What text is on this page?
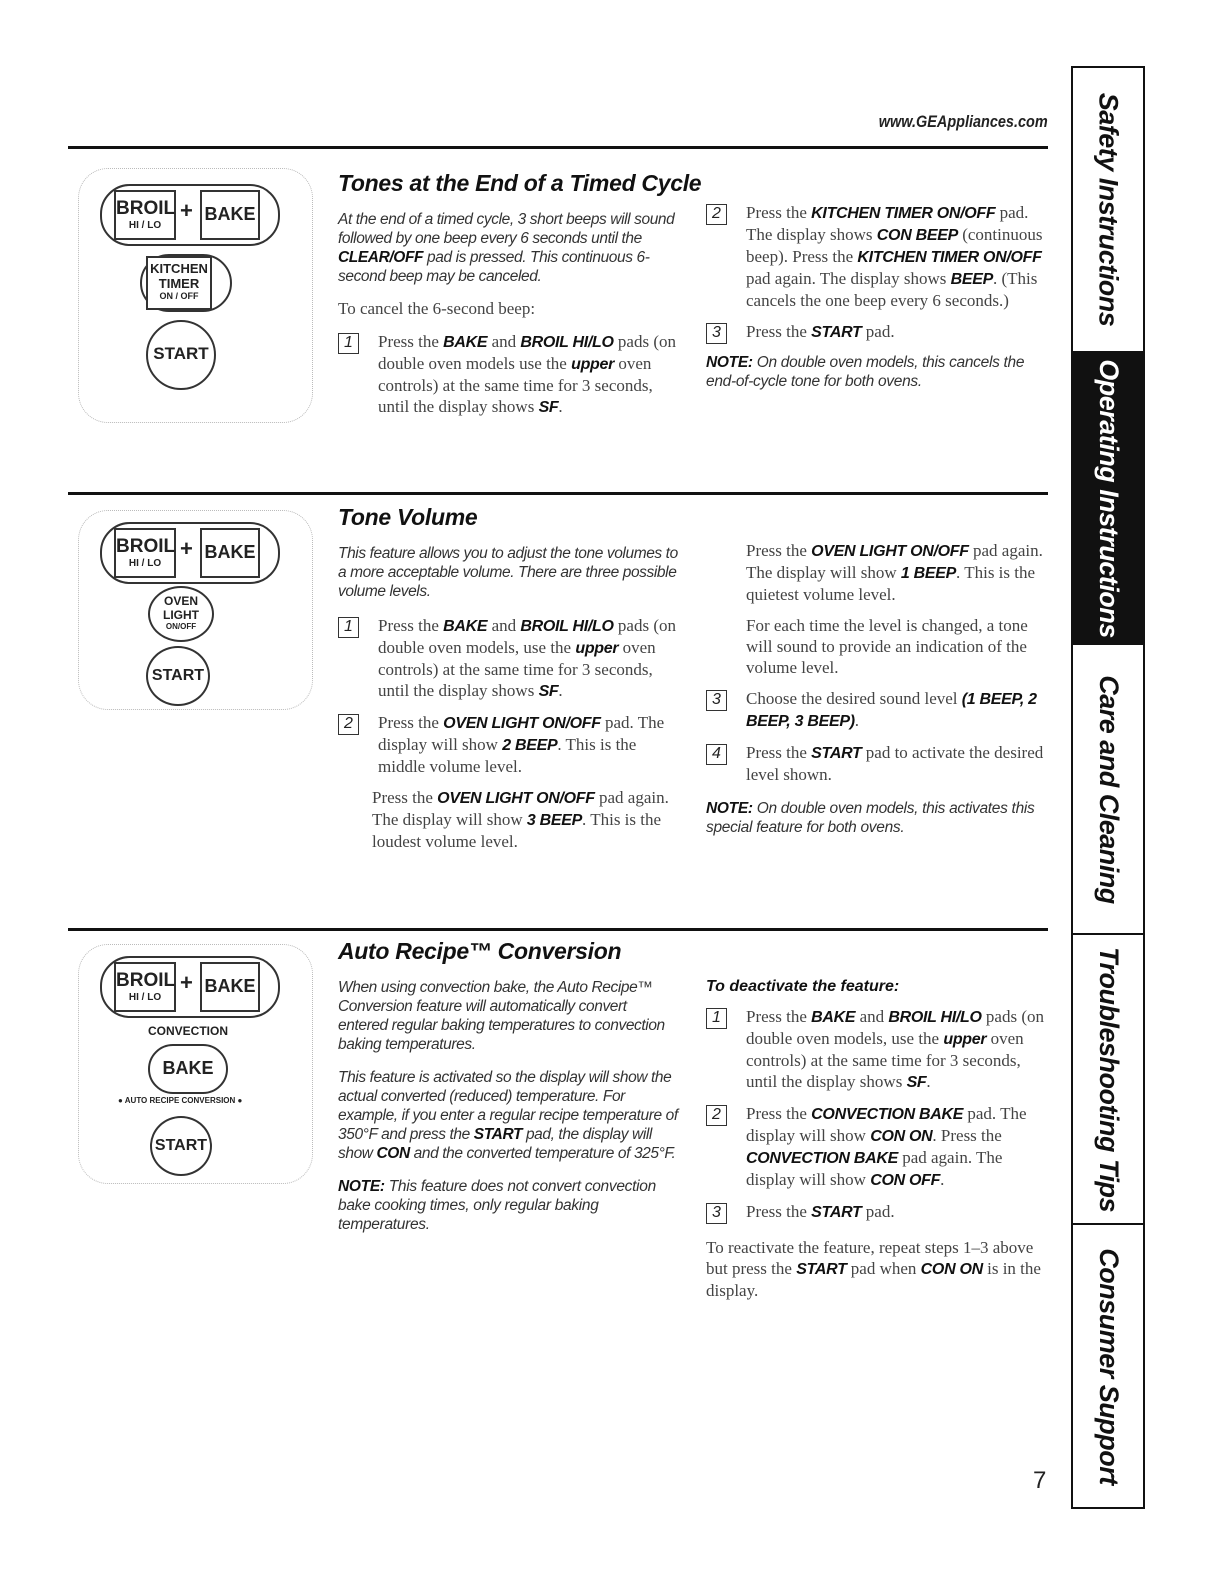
www.GEAppliances.com
BROIL
HI / LO
+ BAKE
KITCHEN
TIMER
ON / OFF
START
Tones at the End of a Timed Cycle
At the end of a timed cycle, 3 short beeps will sound followed by one beep every 6 seconds until the CLEAR/OFF pad is pressed. This continuous 6-second beep may be canceled.
To cancel the 6-second beep:
1	Press the BAKE and BROIL HI/LO pads (on double oven models use the upper oven controls) at the same time for 3 seconds, until the display shows SF.
2	Press the KITCHEN TIMER ON/OFF pad. The display shows CON BEEP (continuous beep). Press the KITCHEN TIMER ON/OFF pad again. The display shows BEEP. (This cancels the one beep every 6 seconds.)
3	Press the START pad.
NOTE: On double oven models, this cancels the end-of-cycle tone for both ovens.
BROIL
HI / LO
+ BAKE
OVEN
LIGHT
ON/OFF
START
Tone Volume
This feature allows you to adjust the tone volumes to a more acceptable volume. There are three possible volume levels.
1	Press the BAKE and BROIL HI/LO pads (on double oven models, use the upper oven controls) at the same time for 3 seconds, until the display shows SF.
2	Press the OVEN LIGHT ON/OFF pad. The display will show 2 BEEP. This is the middle volume level.
Press the OVEN LIGHT ON/OFF pad again. The display will show 3 BEEP. This is the loudest volume level.
Press the OVEN LIGHT ON/OFF pad again. The display will show 1 BEEP. This is the quietest volume level.
For each time the level is changed, a tone will sound to provide an indication of the volume level.
3	Choose the desired sound level (1 BEEP, 2 BEEP, 3 BEEP).
4	Press the START pad to activate the desired level shown.
NOTE: On double oven models, this activates this special feature for both ovens.
BROIL
HI / LO
+ BAKE
CONVECTION
BAKE
● AUTO RECIPE CONVERSION ●
START
Auto Recipe™ Conversion
When using convection bake, the Auto Recipe™ Conversion feature will automatically convert entered regular baking temperatures to convection baking temperatures.
This feature is activated so the display will show the actual converted (reduced) temperature. For example, if you enter a regular recipe temperature of 350°F and press the START pad, the display will show CON and the converted temperature of 325°F.
NOTE: This feature does not convert convection bake cooking times, only regular baking temperatures.
To deactivate the feature:
1	Press the BAKE and BROIL HI/LO pads (on double oven models, use the upper oven controls) at the same time for 3 seconds, until the display shows SF.
2	Press the CONVECTION BAKE pad. The display will show CON ON. Press the CONVECTION BAKE pad again. The display will show CON OFF.
3	Press the START pad.
To reactivate the feature, repeat steps 1–3 above but press the START pad when CON ON is in the display.
Safety Instructions
Operating Instructions
Care and Cleaning
Troubleshooting Tips
Consumer Support
7
